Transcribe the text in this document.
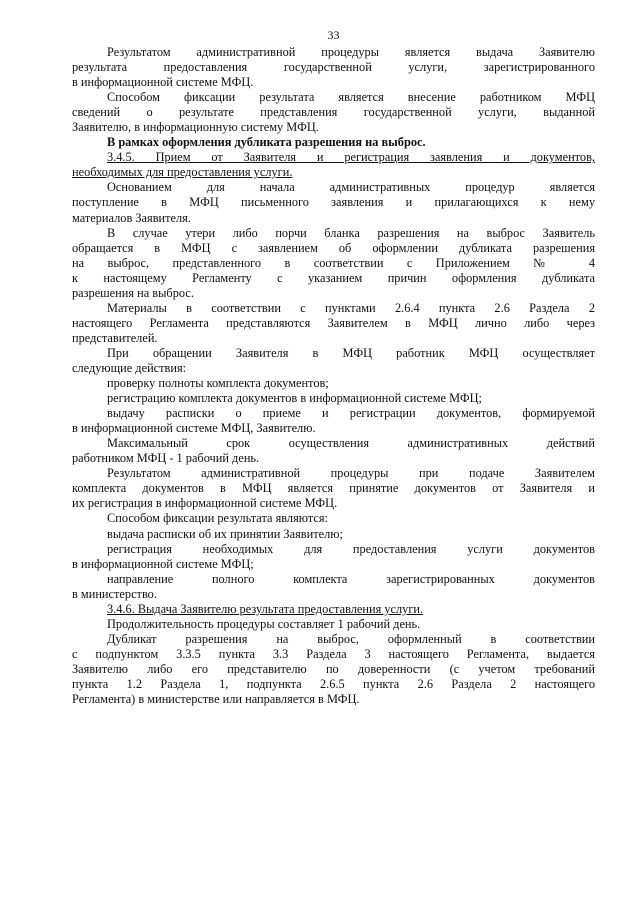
33
Результатом административной процедуры является выдача Заявителю
результата предоставления государственной услуги, зарегистрированного
в информационной системе МФЦ.
Способом фиксации результата является внесение работником МФЦ
сведений о результате представления государственной услуги, выданной
Заявителю, в информационную систему МФЦ.
В рамках оформления дубликата разрешения на выброс.
3.4.5. Прием от Заявителя и регистрация заявления и документов,
необходимых для предоставления услуги.
Основанием для начала административных процедур является
поступление в МФЦ письменного заявления и прилагающихся к нему
материалов Заявителя.
В случае утери либо порчи бланка разрешения на выброс Заявитель
обращается в МФЦ с заявлением об оформлении дубликата разрешения
на выброс, представленного в соответствии с Приложением № 4
к настоящему Регламенту с указанием причин оформления дубликата
разрешения на выброс.
Материалы в соответствии с пунктами 2.6.4 пункта 2.6 Раздела 2
настоящего Регламента представляются Заявителем в МФЦ лично либо через
представителей.
При обращении Заявителя в МФЦ работник МФЦ осуществляет
следующие действия:
проверку полноты комплекта документов;
регистрацию комплекта документов в информационной системе МФЦ;
выдачу расписки о приеме и регистрации документов, формируемой
в информационной системе МФЦ, Заявителю.
Максимальный срок осуществления административных действий
работником МФЦ - 1 рабочий день.
Результатом административной процедуры при подаче Заявителем
комплекта документов в МФЦ является принятие документов от Заявителя и
их регистрация в информационной системе МФЦ.
Способом фиксации результата являются:
выдача расписки об их принятии Заявителю;
регистрация необходимых для предоставления услуги документов
в информационной системе МФЦ;
направление полного комплекта зарегистрированных документов
в министерство.
3.4.6. Выдача Заявителю результата предоставления услуги.
Продолжительность процедуры составляет 1 рабочий день.
Дубликат разрешения на выброс, оформленный в соответствии
с подпунктом 3.3.5 пункта 3.3 Раздела 3 настоящего Регламента, выдается
Заявителю либо его представителю по доверенности (с учетом требований
пункта 1.2 Раздела 1, подпункта 2.6.5 пункта 2.6 Раздела 2 настоящего
Регламента) в министерстве или направляется в МФЦ.
